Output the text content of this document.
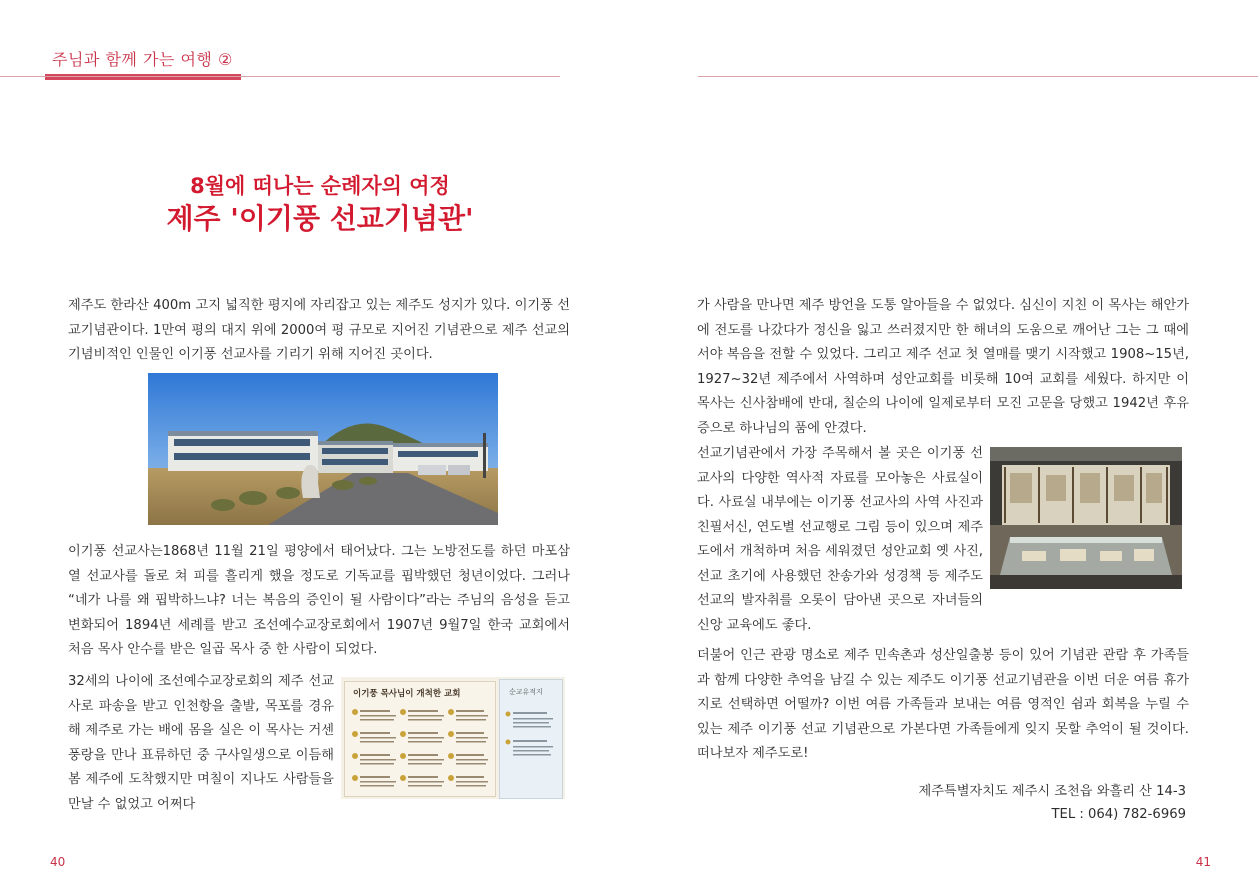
주님과 함께 가는 여행 ②
8월에 떠나는 순례자의 여정
제주 '이기풍 선교기념관'
제주도 한라산 400m 고지 넓직한 평지에 자리잡고 있는 제주도 성지가 있다. 이기풍 선교기념관이다. 1만여 평의 대지 위에 2000여 평 규모로 지어진 기념관으로 제주 선교의 기념비적인 인물인 이기풍 선교사를 기리기 위해 지어진 곳이다.
이기풍 선교사는1868년 11월 21일 평양에서 태어났다. 그는 노방전도를 하던 마포삼열 선교사를 돌로 쳐 피를 흘리게 했을 정도로 기독교를 핍박했던 청년이었다. 그러나 “네가 나를 왜 핍박하느냐? 너는 복음의 증인이 될 사람이다”라는 주님의 음성을 듣고 변화되어 1894년 세례를 받고 조선예수교장로회에서 1907년 9월7일 한국 교회에서 처음 목사 안수를 받은 일곱 목사 중 한 사람이 되었다.
32세의 나이에 조선예수교장로회의 제주 선교사로 파송을 받고 인천항을 출발, 목포를 경유해 제주로 가는 배에 몸을 실은 이 목사는 거센 풍랑을 만나 표류하던 중 구사일생으로 이듬해 봄 제주에 도착했지만 며칠이 지나도 사람들을 만날 수 없었고 어쩌다
이기풍 목사님이 개척한 교회	순교유적지
가 사람을 만나면 제주 방언을 도통 알아들을 수 없었다. 심신이 지친 이 목사는 해안가에 전도를 나갔다가 정신을 잃고 쓰러졌지만 한 해녀의 도움으로 깨어난 그는 그 때에서야 복음을 전할 수 있었다. 그리고 제주 선교 첫 열매를 맺기 시작했고 1908~15년, 1927~32년 제주에서 사역하며 성안교회를 비롯해 10여 교회를 세웠다. 하지만 이 목사는 신사참배에 반대, 칠순의 나이에 일제로부터 모진 고문을 당했고 1942년 후유증으로 하나님의 품에 안겼다.
선교기념관에서 가장 주목해서 볼 곳은 이기풍 선교사의 다양한 역사적 자료를 모아놓은 사료실이다. 사료실 내부에는 이기풍 선교사의 사역 사진과 친필서신, 연도별 선교행로 그림 등이 있으며 제주도에서 개척하며 처음 세워졌던 성안교회 옛 사진, 선교 초기에 사용했던 찬송가와 성경책 등 제주도 선교의 발자취를 오롯이 담아낸 곳으로 자녀들의 신앙 교육에도 좋다.
더불어 인근 관광 명소로 제주 민속촌과 성산일출봉 등이 있어 기념관 관람 후 가족들과 함께 다양한 추억을 남길 수 있는 제주도 이기풍 선교기념관을 이번 더운 여름 휴가지로 선택하면 어떨까? 이번 여름 가족들과 보내는 여름 영적인 쉼과 회복을 누릴 수 있는 제주 이기풍 선교 기념관으로 가본다면 가족들에게 잊지 못할 추억이 될 것이다. 떠나보자 제주도로!
제주특별자치도 제주시 조천읍 와흘리 산 14-3
TEL : 064) 782-6969
40	41
